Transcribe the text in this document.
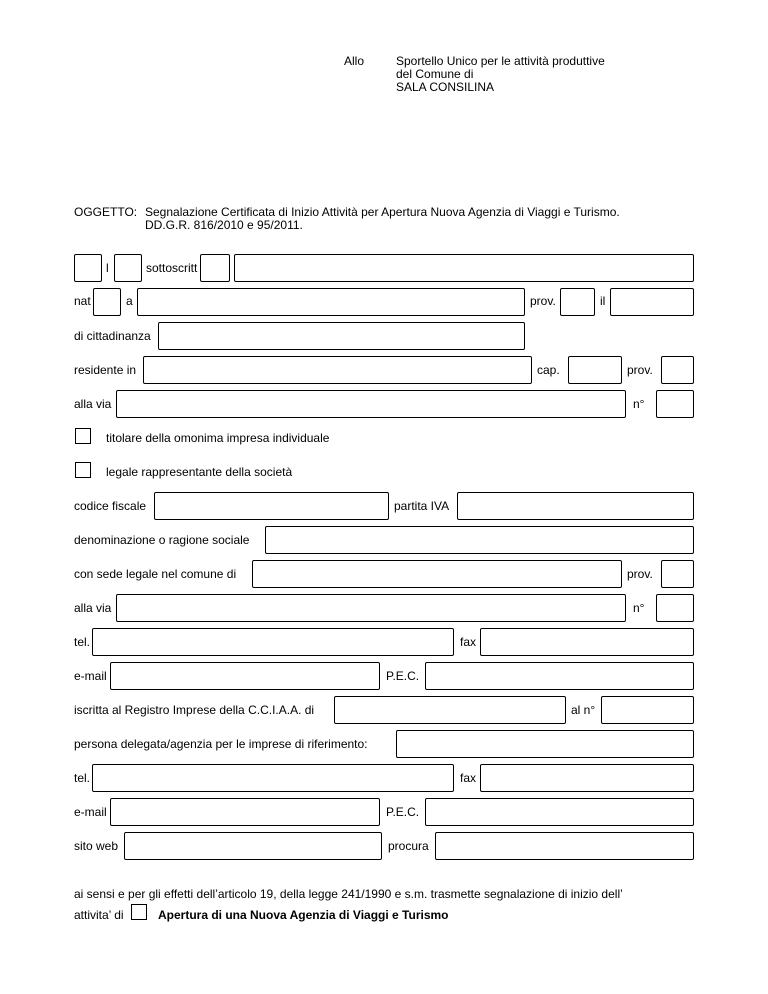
Allo	Sportello Unico per le attività produttive
del Comune di
SALA CONSILINA
OGGETTO: Segnalazione Certificata di Inizio Attività per Apertura Nuova Agenzia di Viaggi e Turismo.
DD.G.R. 816/2010 e 95/2011.
l	sottoscritt
nat	a	prov.	il
di cittadinanza
residente in	cap.	prov.
alla via	n°
titolare della omonima impresa individuale
legale rappresentante della società
codice fiscale	partita IVA
denominazione o ragione sociale
con sede legale nel comune di	prov.
alla via	n°
tel.	fax
e-mail	P.E.C.
iscritta al Registro Imprese della C.C.I.A.A. di	al n°
persona delegata/agenzia per le imprese di riferimento:
tel.	fax
e-mail	P.E.C.
sito web	procura
ai sensi e per gli effetti dell’articolo 19, della legge 241/1990 e s.m. trasmette segnalazione di inizio dell’
attivita’ di	Apertura di una Nuova Agenzia di Viaggi e Turismo
